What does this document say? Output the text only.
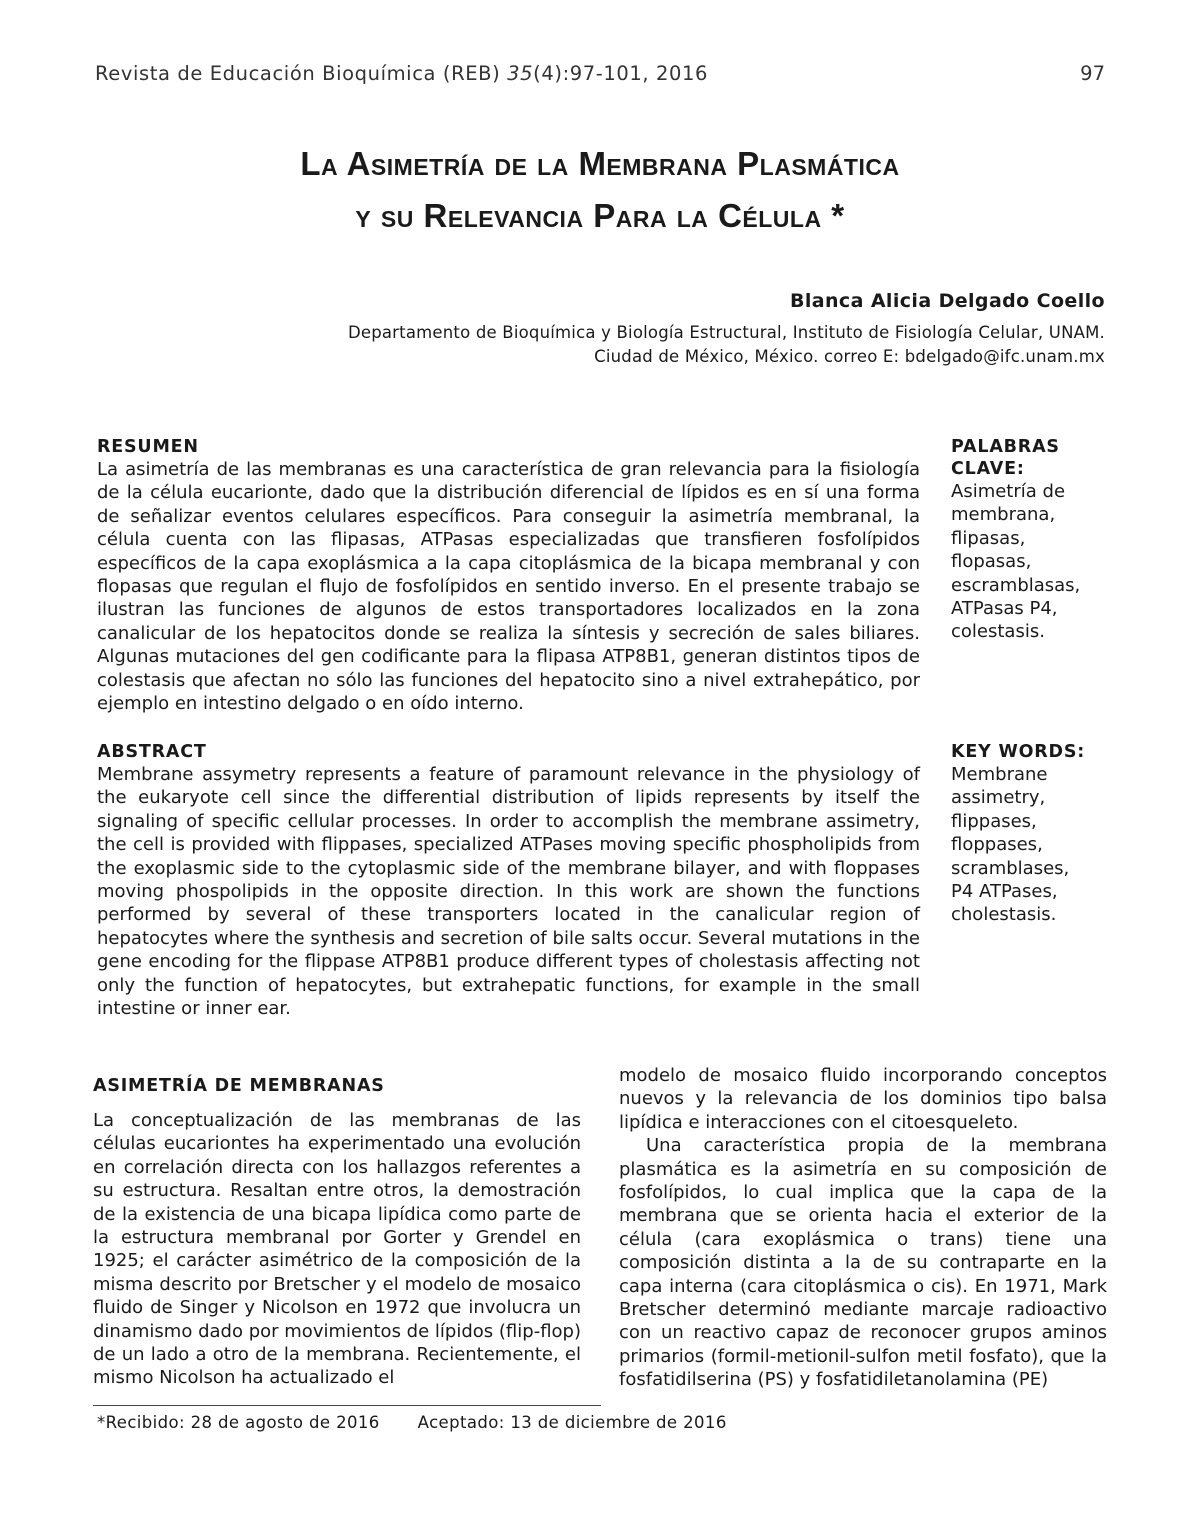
Revista de Educación Bioquímica (REB) 35(4):97-101, 2016	97
La Asimetría de la Membrana Plasmática
y su Relevancia Para la Célula *
Blanca Alicia Delgado Coello
Departamento de Bioquímica y Biología Estructural, Instituto de Fisiología Celular, UNAM.
Ciudad de México, México. correo E: bdelgado@ifc.unam.mx
RESUMEN
La asimetría de las membranas es una característica de gran relevancia para la fisiología de la célula eucarionte, dado que la distribución diferencial de lípidos es en sí una forma de señalizar eventos celulares específicos. Para conseguir la asimetría membranal, la célula cuenta con las flipasas, ATPasas especializadas que transfieren fosfolípidos específicos de la capa exoplásmica a la capa citoplásmica de la bicapa membranal y con flopasas que regulan el flujo de fosfolípidos en sentido inverso. En el presente trabajo se ilustran las funciones de algunos de estos transportadores localizados en la zona canalicular de los hepatocitos donde se realiza la síntesis y secreción de sales biliares. Algunas mutaciones del gen codificante para la flipasa ATP8B1, generan distintos tipos de colestasis que afectan no sólo las funciones del hepatocito sino a nivel extrahepático, por ejemplo en intestino delgado o en oído interno.
PALABRAS
CLAVE:
Asimetría de
membrana,
flipasas,
flopasas,
escramblasas,
ATPasas P4,
colestasis.
ABSTRACT
Membrane assymetry represents a feature of paramount relevance in the physiology of the eukaryote cell since the differential distribution of lipids represents by itself the signaling of specific cellular processes. In order to accomplish the membrane assimetry, the cell is provided with flippases, specialized ATPases moving specific phospholipids from the exoplasmic side to the cytoplasmic side of the membrane bilayer, and with floppases moving phospolipids in the opposite direction. In this work are shown the functions performed by several of these transporters located in the canalicular region of hepatocytes where the synthesis and secretion of bile salts occur. Several mutations in the gene encoding for the flippase ATP8B1 produce different types of cholestasis affecting not only the function of hepatocytes, but extrahepatic functions, for example in the small intestine or inner ear.
KEY WORDS:
Membrane
assimetry,
flippases,
floppases,
scramblases,
P4 ATPases,
cholestasis.
ASIMETRÍA DE MEMBRANAS
La conceptualización de las membranas de las células eucariontes ha experimentado una evolución en correlación directa con los hallazgos referentes a su estructura. Resaltan entre otros, la demostración de la existencia de una bicapa lipídica como parte de la estructura membranal por Gorter y Grendel en 1925; el carácter asimétrico de la composición de la misma descrito por Bretscher y el modelo de mosaico fluido de Singer y Nicolson en 1972 que involucra un dinamismo dado por movimientos de lípidos (flip-flop) de un lado a otro de la membrana. Recientemente, el mismo Nicolson ha actualizado el
modelo de mosaico fluido incorporando conceptos nuevos y la relevancia de los dominios tipo balsa lipídica e interacciones con el citoesqueleto.
Una característica propia de la membrana plasmática es la asimetría en su composición de fosfolípidos, lo cual implica que la capa de la membrana que se orienta hacia el exterior de la célula (cara exoplásmica o trans) tiene una composición distinta a la de su contraparte en la capa interna (cara citoplásmica o cis). En 1971, Mark Bretscher determinó mediante marcaje radioactivo con un reactivo capaz de reconocer grupos aminos primarios (formil-metionil-sulfon metil fosfato), que la fosfatidilserina (PS) y fosfatidiletanolamina (PE)
*Recibido: 28 de agosto de 2016 Aceptado: 13 de diciembre de 2016
